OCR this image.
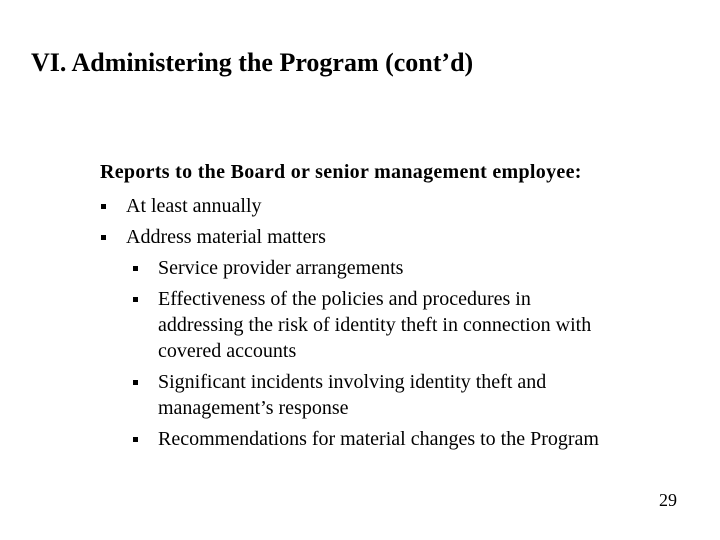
VI. Administering the Program (cont’d)
Reports to the Board or senior management employee:
At least annually
Address material matters
Service provider arrangements
Effectiveness of the policies and procedures in
addressing the risk of identity theft in connection with
covered accounts
Significant incidents involving identity theft and
management’s response
Recommendations for material changes to the Program
29
